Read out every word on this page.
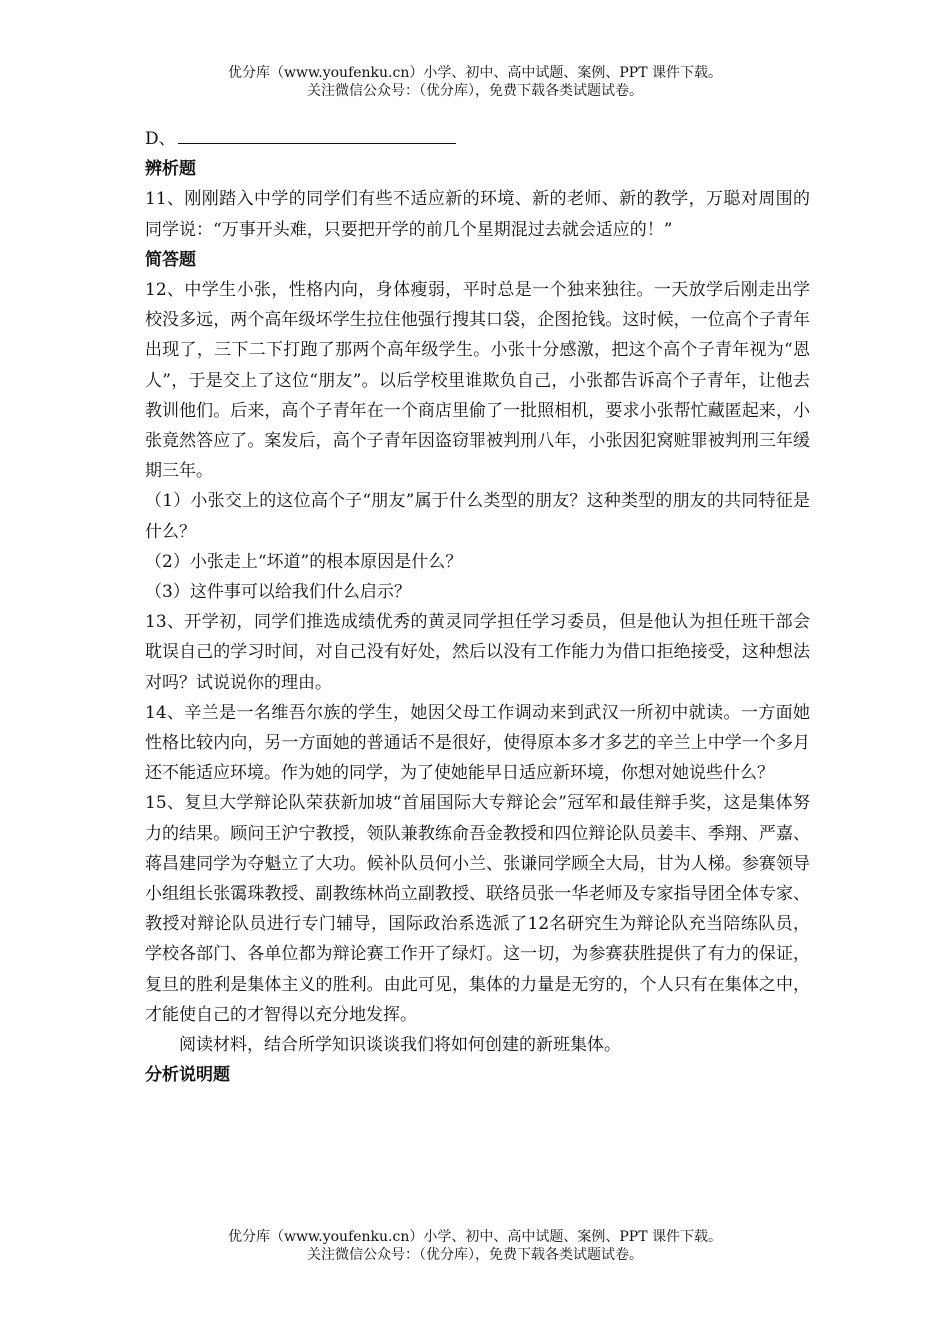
优分库（www.youfenku.cn）小学、初中、高中试题、案例、PPT 课件下载。
关注微信公众号：（优分库），免费下载各类试题试卷。

D、

辨析题

11、刚刚踏入中学的同学们有些不适应新的环境、新的老师、新的教学，万聪对周围的同学说：“万事开头难，只要把开学的前几个星期混过去就会适应的！”

简答题

12、中学生小张，性格内向，身体瘦弱，平时总是一个独来独往。一天放学后刚走出学校没多远，两个高年级坏学生拉住他强行搜其口袋，企图抢钱。这时候，一位高个子青年出现了，三下二下打跑了那两个高年级学生。小张十分感激，把这个高个子青年视为“恩人”，于是交上了这位“朋友”。以后学校里谁欺负自己，小张都告诉高个子青年，让他去教训他们。后来，高个子青年在一个商店里偷了一批照相机，要求小张帮忙藏匿起来，小张竟然答应了。案发后，高个子青年因盗窃罪被判刑八年，小张因犯窝赃罪被判刑三年缓期三年。

（1）小张交上的这位高个子“朋友”属于什么类型的朋友？这种类型的朋友的共同特征是什么？

（2）小张走上“坏道”的根本原因是什么？

（3）这件事可以给我们什么启示？

13、开学初，同学们推选成绩优秀的黄灵同学担任学习委员，但是他认为担任班干部会耽误自己的学习时间，对自己没有好处，然后以没有工作能力为借口拒绝接受，这种想法对吗？试说说你的理由。

14、辛兰是一名维吾尔族的学生，她因父母工作调动来到武汉一所初中就读。一方面她性格比较内向，另一方面她的普通话不是很好，使得原本多才多艺的辛兰上中学一个多月还不能适应环境。作为她的同学，为了使她能早日适应新环境，你想对她说些什么？

15、复旦大学辩论队荣获新加坡“首届国际大专辩论会”冠军和最佳辩手奖，这是集体努力的结果。顾问王沪宁教授，领队兼教练俞吾金教授和四位辩论队员姜丰、季翔、严嘉、蒋昌建同学为夺魁立了大功。候补队员何小兰、张谦同学顾全大局，甘为人梯。参赛领导小组组长张霭珠教授、副教练林尚立副教授、联络员张一华老师及专家指导团全体专家、教授对辩论队员进行专门辅导，国际政治系选派了12名研究生为辩论队充当陪练队员，学校各部门、各单位都为辩论赛工作开了绿灯。这一切，为参赛获胜提供了有力的保证，复旦的胜利是集体主义的胜利。由此可见，集体的力量是无穷的，个人只有在集体之中，才能使自己的才智得以充分地发挥。

阅读材料，结合所学知识谈谈我们将如何创建的新班集体。

分析说明题

优分库（www.youfenku.cn）小学、初中、高中试题、案例、PPT 课件下载。
关注微信公众号：（优分库），免费下载各类试题试卷。
